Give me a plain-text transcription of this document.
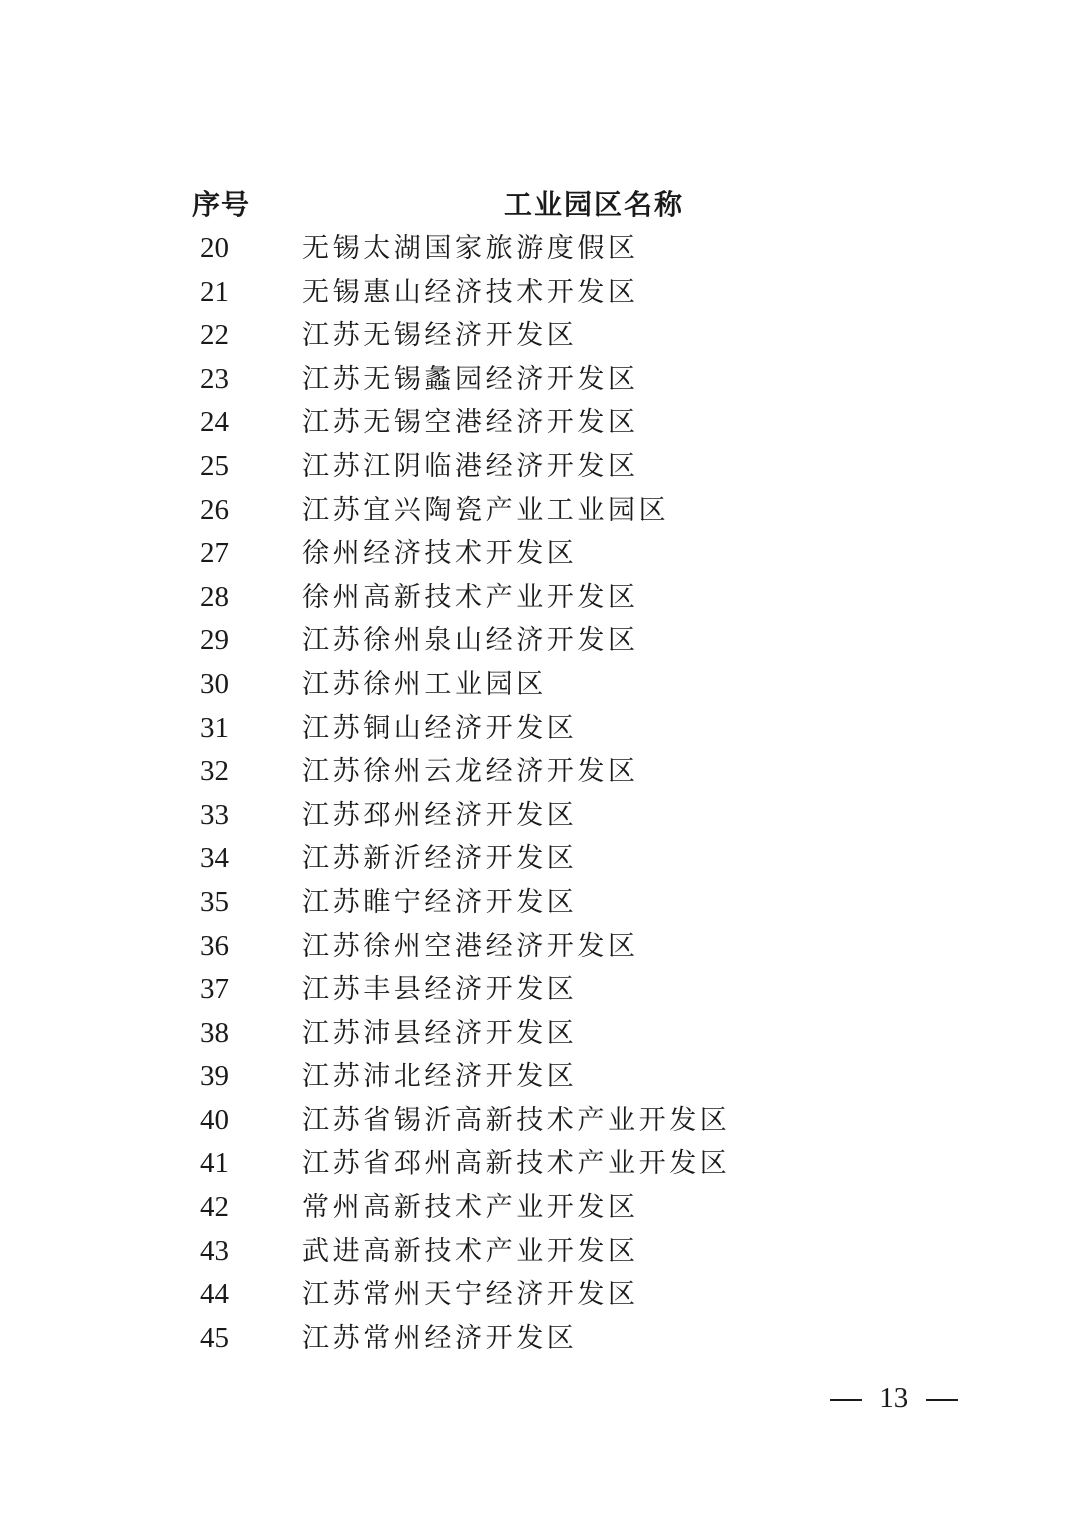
序号	工业园区名称
20	无锡太湖国家旅游度假区
21	无锡惠山经济技术开发区
22	江苏无锡经济开发区
23	江苏无锡蠡园经济开发区
24	江苏无锡空港经济开发区
25	江苏江阴临港经济开发区
26	江苏宜兴陶瓷产业工业园区
27	徐州经济技术开发区
28	徐州高新技术产业开发区
29	江苏徐州泉山经济开发区
30	江苏徐州工业园区
31	江苏铜山经济开发区
32	江苏徐州云龙经济开发区
33	江苏邳州经济开发区
34	江苏新沂经济开发区
35	江苏睢宁经济开发区
36	江苏徐州空港经济开发区
37	江苏丰县经济开发区
38	江苏沛县经济开发区
39	江苏沛北经济开发区
40	江苏省锡沂高新技术产业开发区
41	江苏省邳州高新技术产业开发区
42	常州高新技术产业开发区
43	武进高新技术产业开发区
44	江苏常州天宁经济开发区
45	江苏常州经济开发区
13
